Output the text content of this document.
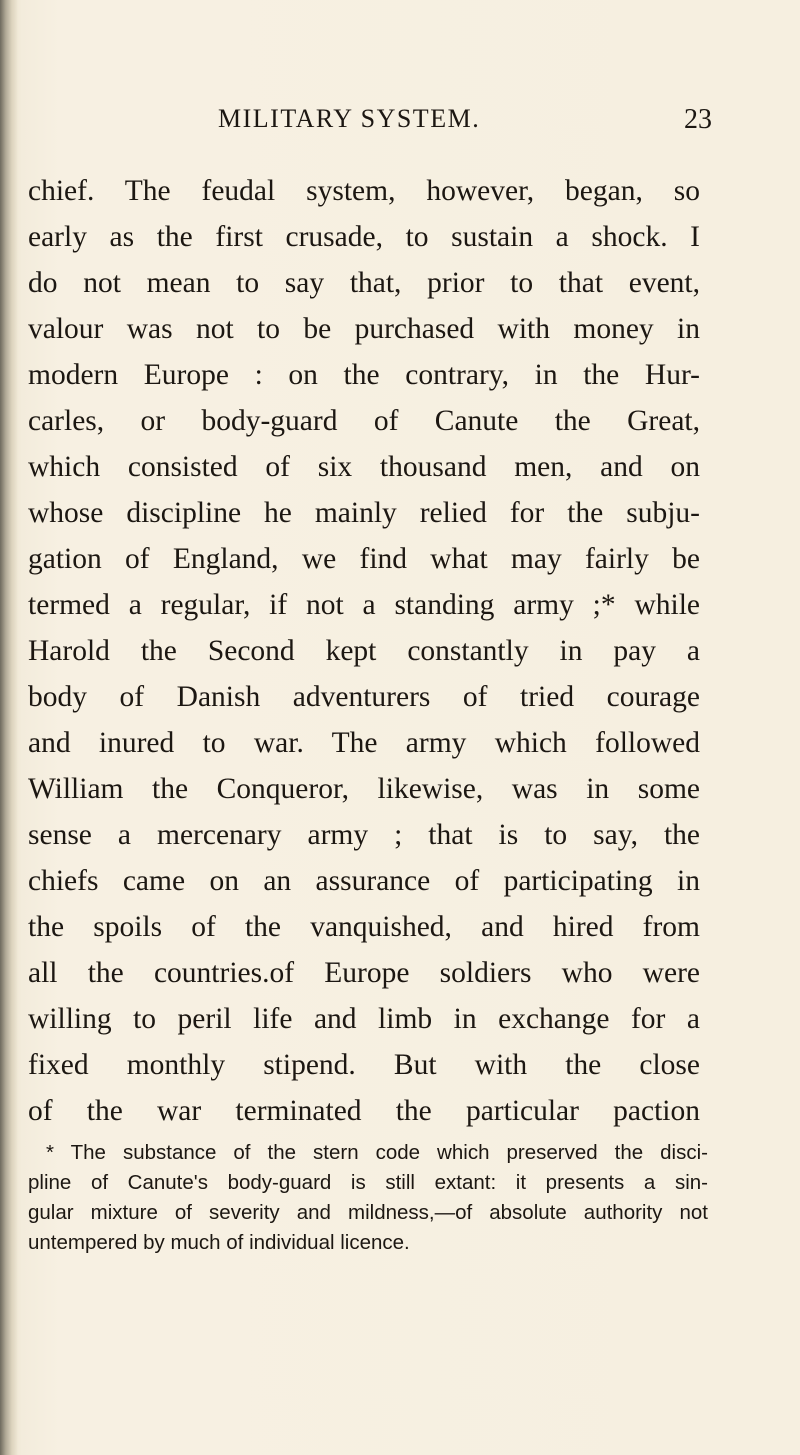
MILITARY SYSTEM.	23
chief. The feudal system, however, began, so
early as the first crusade, to sustain a shock. I
do not mean to say that, prior to that event,
valour was not to be purchased with money in
modern Europe : on the contrary, in the Hur-
carles, or body-guard of Canute the Great,
which consisted of six thousand men, and on
whose discipline he mainly relied for the subju-
gation of England, we find what may fairly be
termed a regular, if not a standing army ;* while
Harold the Second kept constantly in pay a
body of Danish adventurers of tried courage
and inured to war. The army which followed
William the Conqueror, likewise, was in some
sense a mercenary army ; that is to say, the
chiefs came on an assurance of participating in
the spoils of the vanquished, and hired from
all the countries.of Europe soldiers who were
willing to peril life and limb in exchange for a
fixed monthly stipend. But with the close
of the war terminated the particular paction
* The substance of the stern code which preserved the disci-
pline of Canute's body-guard is still extant: it presents a sin-
gular mixture of severity and mildness,—of absolute authority not
untempered by much of individual licence.
